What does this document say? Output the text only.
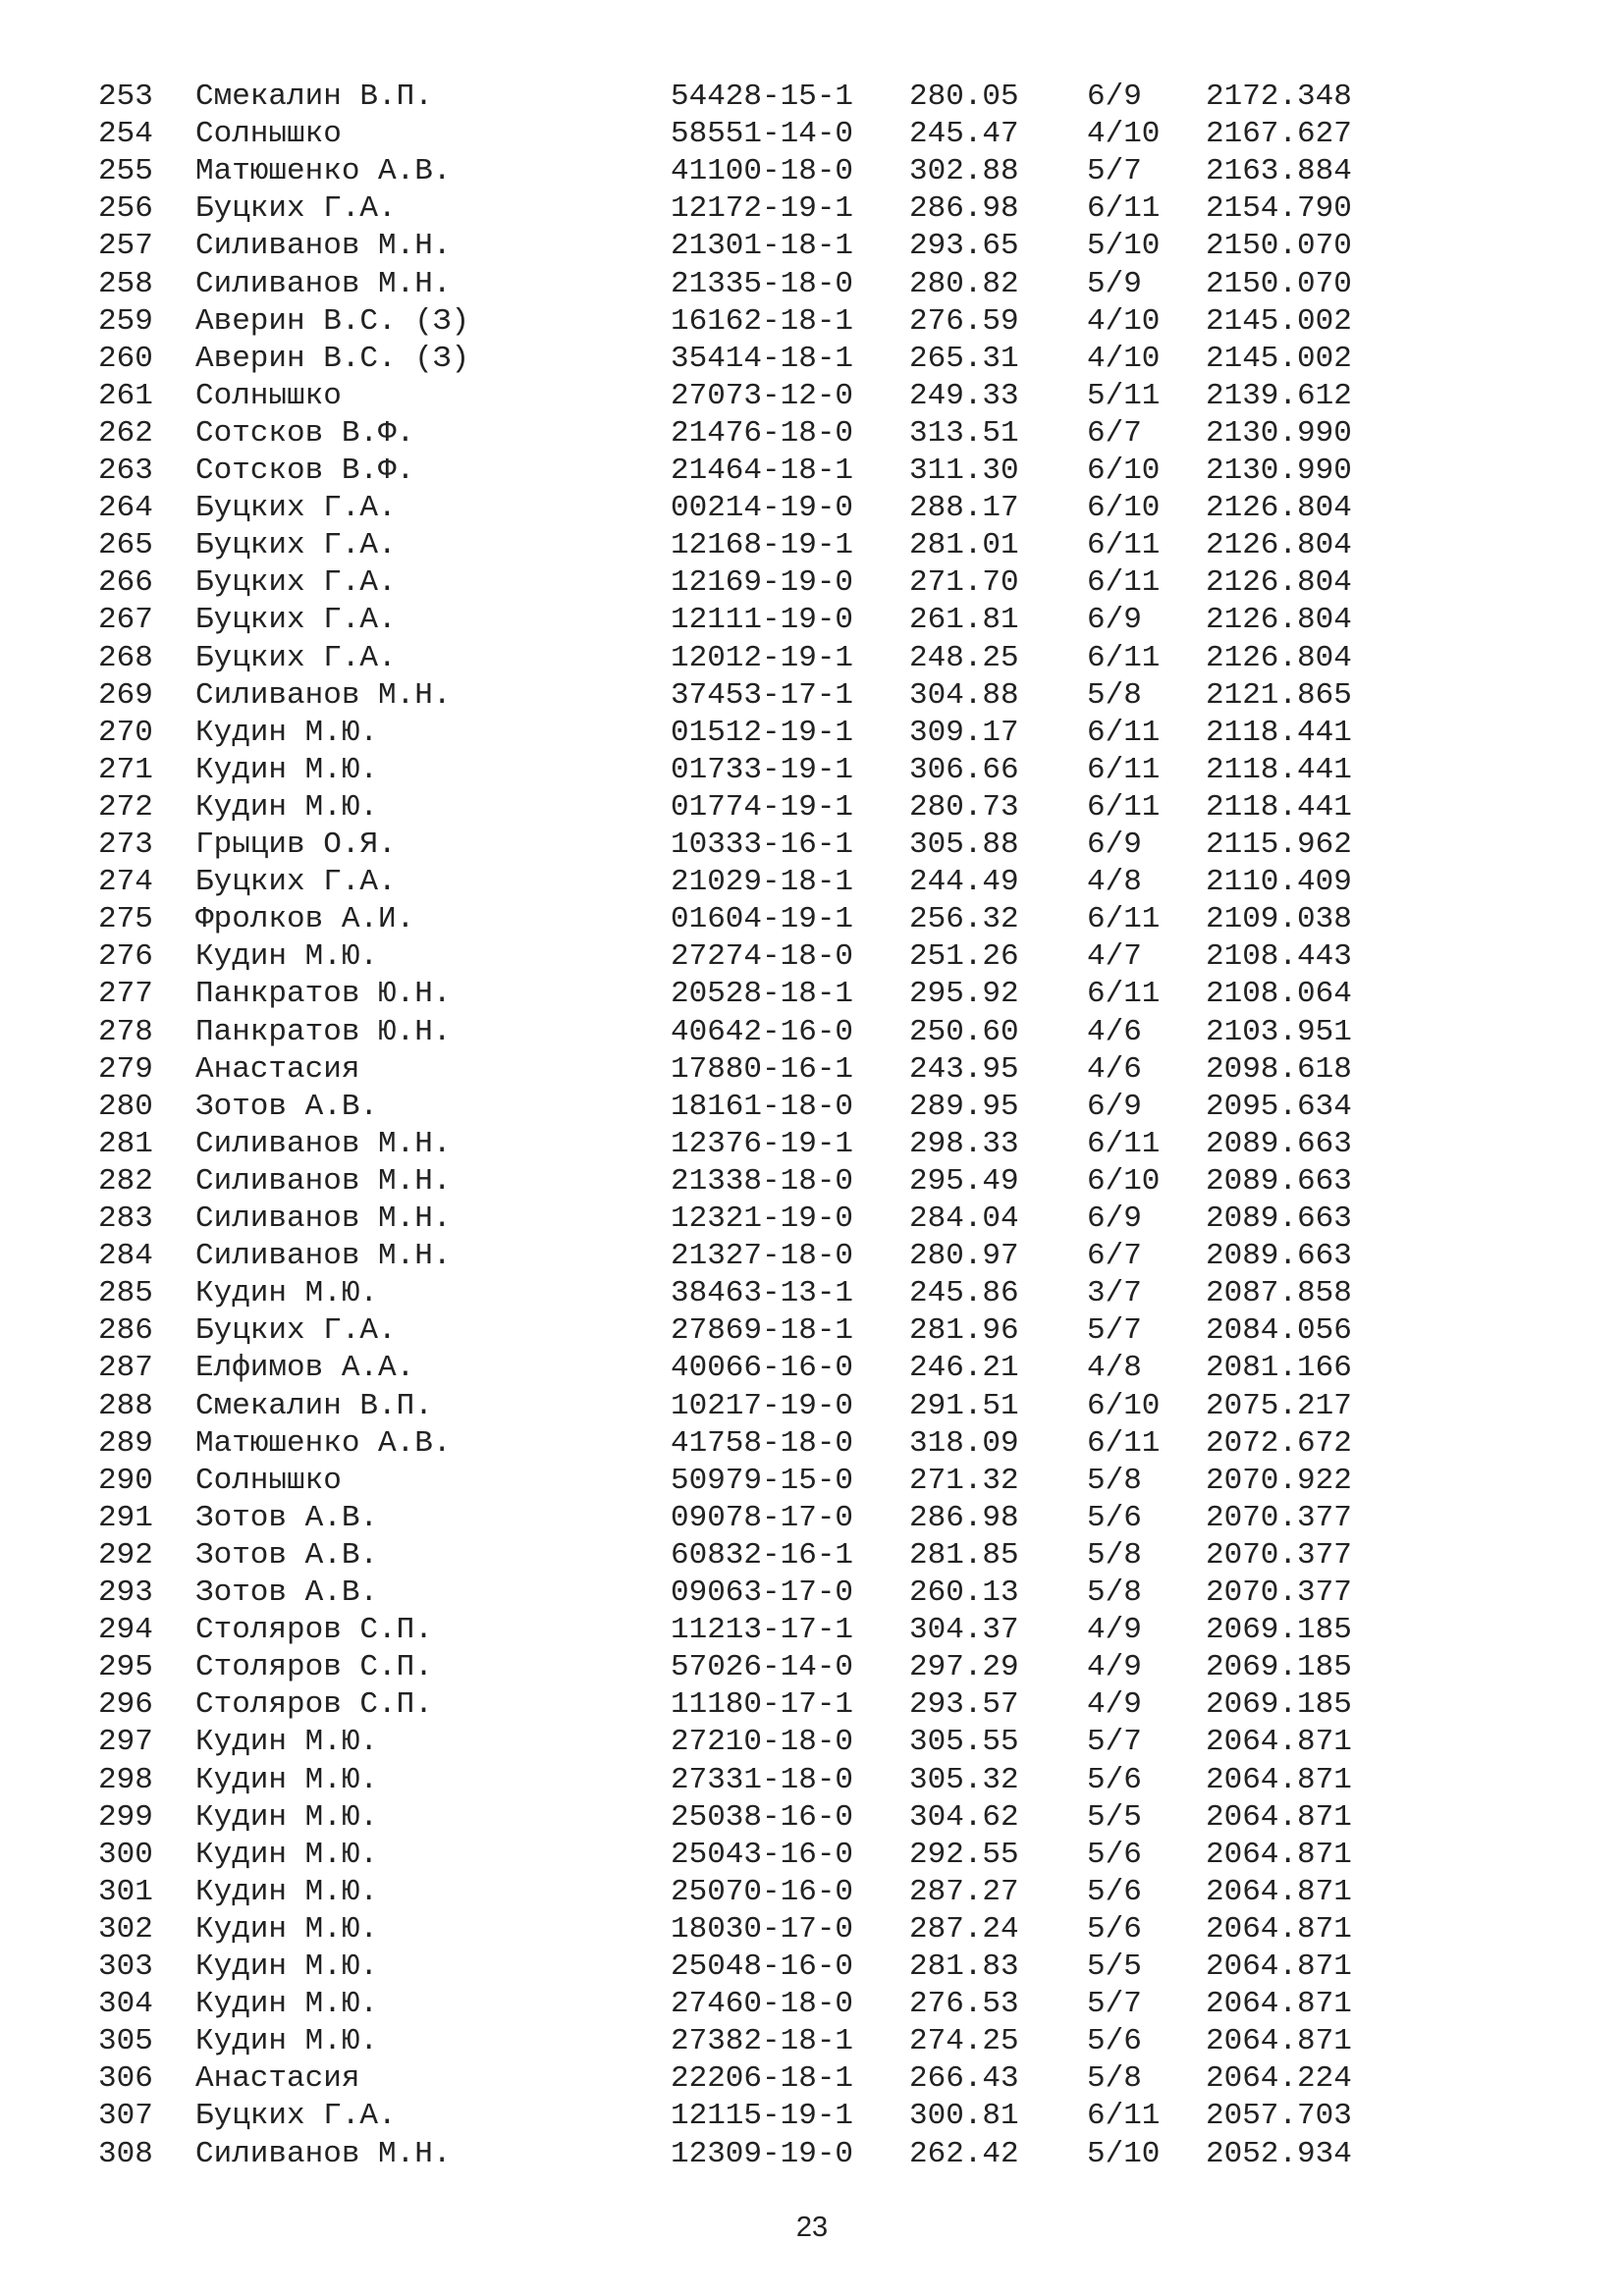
253 Смекалин В.П.	54428-15-1 280.05 6/9 2172.348
254 Солнышко	58551-14-0 245.47 4/10 2167.627
255 Матюшенко А.В.	41100-18-0 302.88 5/7 2163.884
256 Буцких Г.А.	12172-19-1 286.98 6/11 2154.790
257 Силиванов М.Н.	21301-18-1 293.65 5/10 2150.070
258 Силиванов М.Н.	21335-18-0 280.82 5/9 2150.070
259 Аверин В.С. (З)	16162-18-1 276.59 4/10 2145.002
260 Аверин В.С. (З)	35414-18-1 265.31 4/10 2145.002
261 Солнышко	27073-12-0 249.33 5/11 2139.612
262 Сотсков В.Ф.	21476-18-0 313.51 6/7 2130.990
263 Сотсков В.Ф.	21464-18-1 311.30 6/10 2130.990
264 Буцких Г.А.	00214-19-0 288.17 6/10 2126.804
265 Буцких Г.А.	12168-19-1 281.01 6/11 2126.804
266 Буцких Г.А.	12169-19-0 271.70 6/11 2126.804
267 Буцких Г.А.	12111-19-0 261.81 6/9 2126.804
268 Буцких Г.А.	12012-19-1 248.25 6/11 2126.804
269 Силиванов М.Н.	37453-17-1 304.88 5/8 2121.865
270 Кудин М.Ю.	01512-19-1 309.17 6/11 2118.441
271 Кудин М.Ю.	01733-19-1 306.66 6/11 2118.441
272 Кудин М.Ю.	01774-19-1 280.73 6/11 2118.441
273 Грыцив О.Я.	10333-16-1 305.88 6/9 2115.962
274 Буцких Г.А.	21029-18-1 244.49 4/8 2110.409
275 Фролков А.И.	01604-19-1 256.32 6/11 2109.038
276 Кудин М.Ю.	27274-18-0 251.26 4/7 2108.443
277 Панкратов Ю.Н.	20528-18-1 295.92 6/11 2108.064
278 Панкратов Ю.Н.	40642-16-0 250.60 4/6 2103.951
279 Анастасия	17880-16-1 243.95 4/6 2098.618
280 Зотов А.В.	18161-18-0 289.95 6/9 2095.634
281 Силиванов М.Н.	12376-19-1 298.33 6/11 2089.663
282 Силиванов М.Н.	21338-18-0 295.49 6/10 2089.663
283 Силиванов М.Н.	12321-19-0 284.04 6/9 2089.663
284 Силиванов М.Н.	21327-18-0 280.97 6/7 2089.663
285 Кудин М.Ю.	38463-13-1 245.86 3/7 2087.858
286 Буцких Г.А.	27869-18-1 281.96 5/7 2084.056
287 Елфимов А.А.	40066-16-0 246.21 4/8 2081.166
288 Смекалин В.П.	10217-19-0 291.51 6/10 2075.217
289 Матюшенко А.В.	41758-18-0 318.09 6/11 2072.672
290 Солнышко	50979-15-0 271.32 5/8 2070.922
291 Зотов А.В.	09078-17-0 286.98 5/6 2070.377
292 Зотов А.В.	60832-16-1 281.85 5/8 2070.377
293 Зотов А.В.	09063-17-0 260.13 5/8 2070.377
294 Столяров С.П.	11213-17-1 304.37 4/9 2069.185
295 Столяров С.П.	57026-14-0 297.29 4/9 2069.185
296 Столяров С.П.	11180-17-1 293.57 4/9 2069.185
297 Кудин М.Ю.	27210-18-0 305.55 5/7 2064.871
298 Кудин М.Ю.	27331-18-0 305.32 5/6 2064.871
299 Кудин М.Ю.	25038-16-0 304.62 5/5 2064.871
300 Кудин М.Ю.	25043-16-0 292.55 5/6 2064.871
301 Кудин М.Ю.	25070-16-0 287.27 5/6 2064.871
302 Кудин М.Ю.	18030-17-0 287.24 5/6 2064.871
303 Кудин М.Ю.	25048-16-0 281.83 5/5 2064.871
304 Кудин М.Ю.	27460-18-0 276.53 5/7 2064.871
305 Кудин М.Ю.	27382-18-1 274.25 5/6 2064.871
306 Анастасия	22206-18-1 266.43 5/8 2064.224
307 Буцких Г.А.	12115-19-1 300.81 6/11 2057.703
308 Силиванов М.Н.	12309-19-0 262.42 5/10 2052.934
23
